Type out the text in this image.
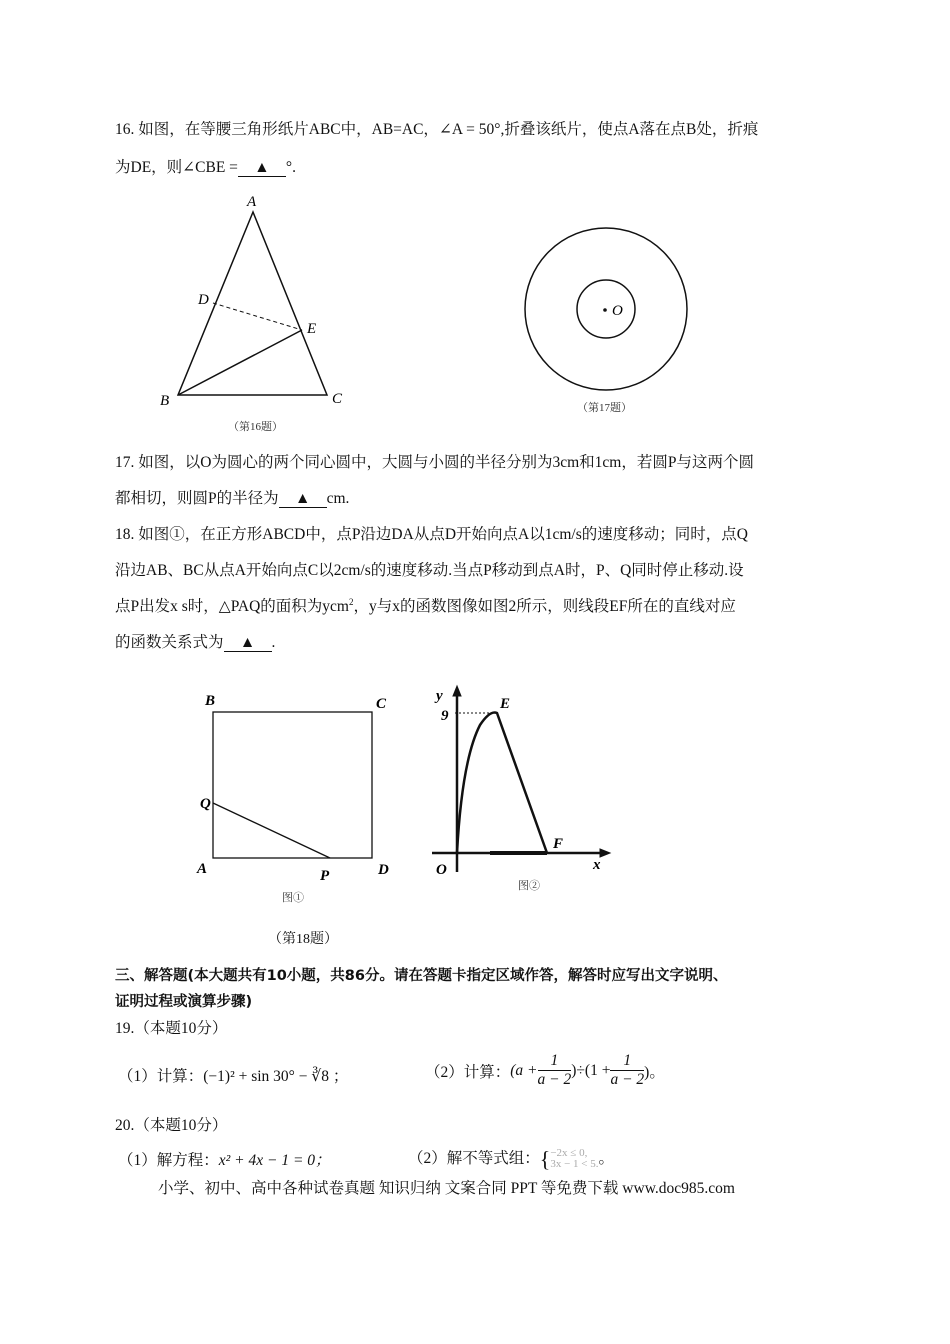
16. 如图，在等腰三角形纸片ABC中，AB=AC，∠A = 50°,折叠该纸片，使点A落在点B处，折痕
为DE，则∠CBE = ▲ °.
A
B	C
D
E
O
B	C
A	D
Q
P
y
9
E
F
O	x
（第16题）
（第17题）
17. 如图，以O为圆心的两个同心圆中，大圆与小圆的半径分别为3cm和1cm，若圆P与这两个圆
都相切，则圆P的半径为 ▲ cm.
18. 如图①，在正方形ABCD中，点P沿边DA从点D开始向点A以1cm/s的速度移动；同时，点Q
沿边AB、BC从点A开始向点C以2cm/s的速度移动.当点P移动到点A时，P、Q同时停止移动.设
点P出发x s时，△PAQ的面积为ycm$^2$，y与x的函数图像如图2所示，则线段EF所在的直线对应
的函数关系式为 ▲ .
图①
图②
（第18题）
三、解答题(本大题共有10小题，共86分。请在答题卡指定区域作答，解答时应写出文字说明、
证明过程或演算步骤)
19.（本题10分）
（1）计算：(−1)² + sin 30° − ∛8 ；	（2）计算： $(a + \frac{1}{a - 2} )\div(1 + \frac{1}{a - 2}$ )。
20.（本题10分）
（1）解方程：x² + 4x − 1 = 0；	（2）解不等式组：{−2x ≤ 0,
3x − 1 < 5.。
小学、初中、高中各种试卷真题 知识归纳 文案合同 PPT 等免费下载 www.doc985.com
